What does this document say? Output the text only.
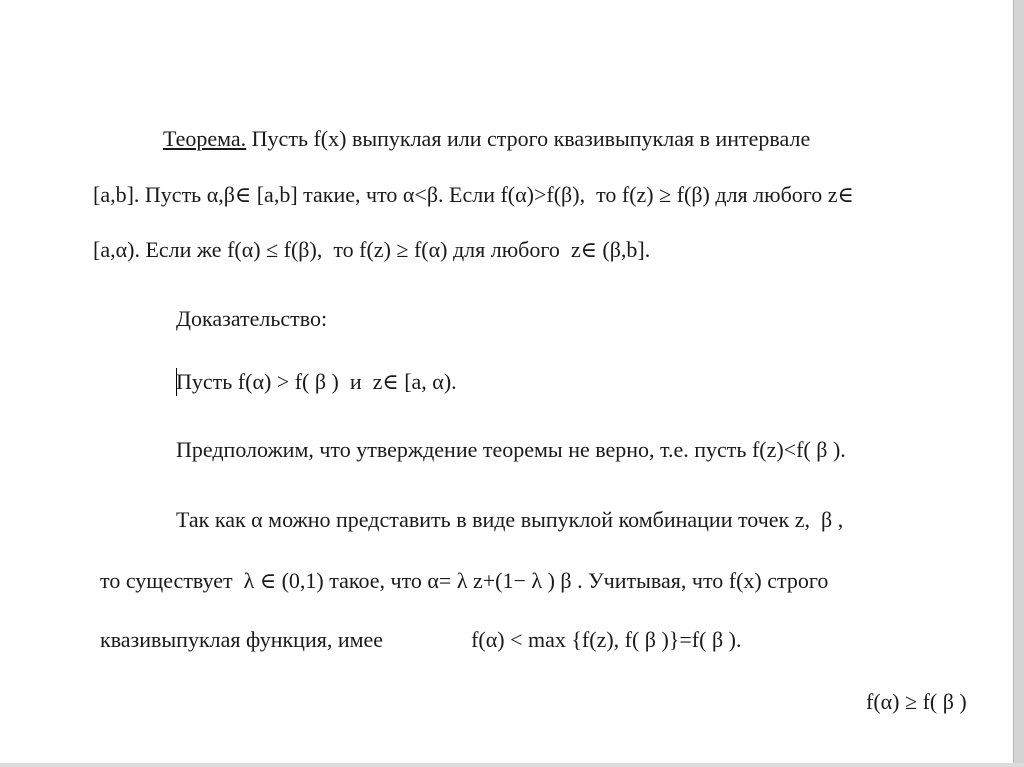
Теорема. Пусть f(x) выпуклая или строго квазивыпуклая в интервале
[a,b]. Пусть α,β∈ [a,b] такие, что α<β. Если f(α)>f(β),  то f(z) ≥ f(β) для любого z∈
[a,α). Если же f(α) ≤ f(β),  то f(z) ≥ f(α) для любого  z∈ (β,b].
Доказательство:
Пусть f(α) > f( β )  и  z∈ [a, α).
Предположим, что утверждение теоремы не верно, т.е. пусть f(z)<f( β ).
Так как α можно представить в виде выпуклой комбинации точек z,  β ,
то существует  λ ∈ (0,1) такое, что α= λ z+(1− λ ) β . Учитывая, что f(x) строго
квазивыпуклая функция, имее                f(α) < max {f(z), f( β )}=f( β ).
f(α) ≥ f( β )
